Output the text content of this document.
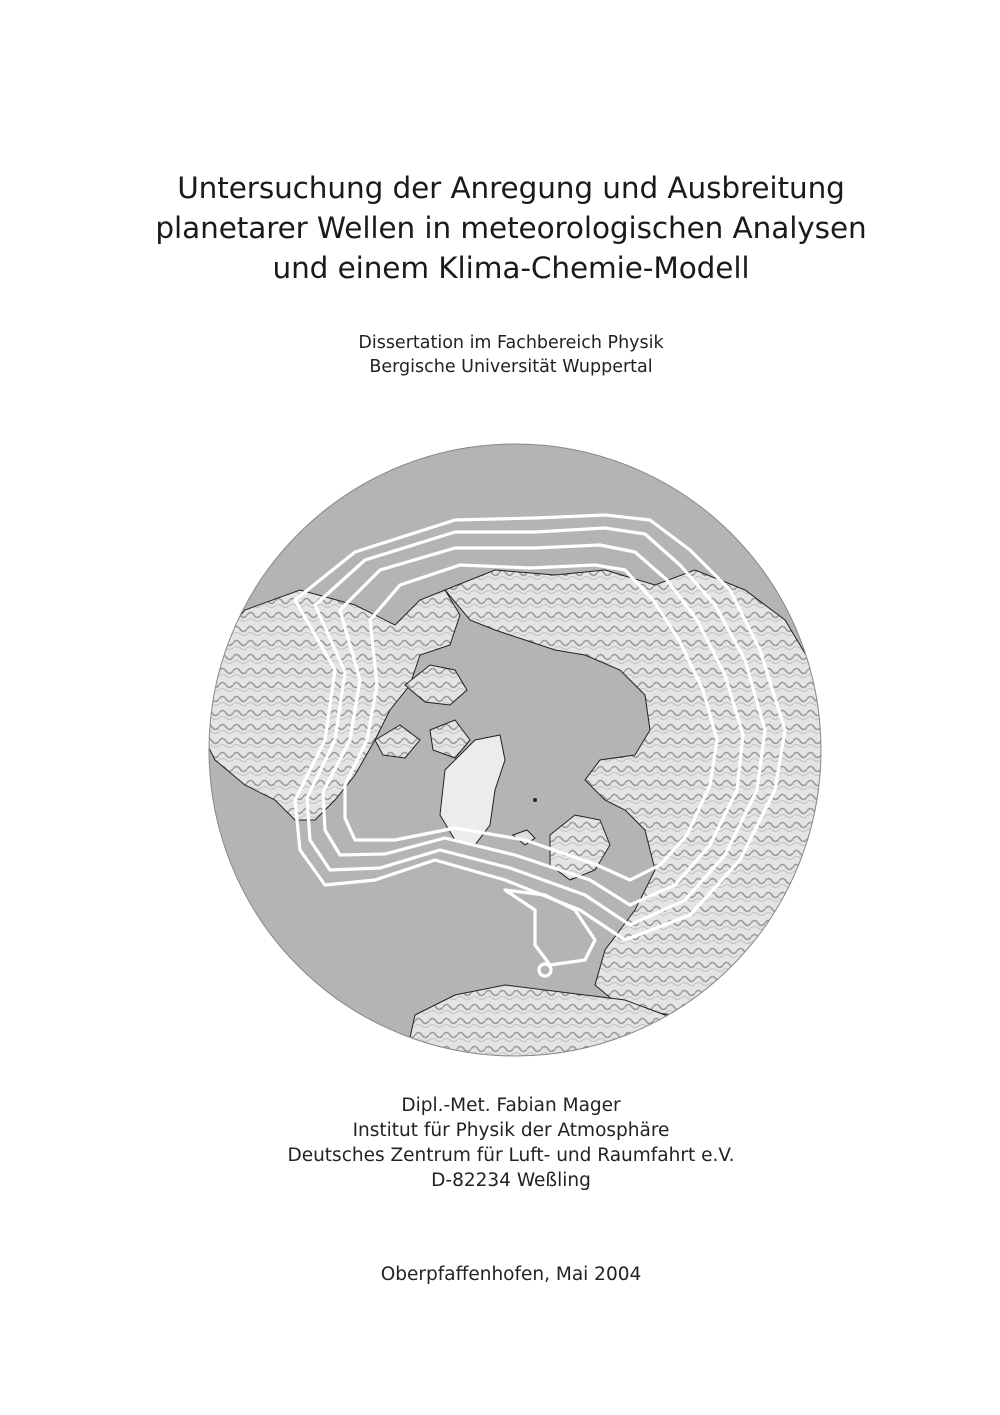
Untersuchung der Anregung und Ausbreitung
planetarer Wellen in meteorologischen Analysen
und einem Klima-Chemie-Modell
Dissertation im Fachbereich Physik
Bergische Universität Wuppertal
Dipl.-Met. Fabian Mager
Institut für Physik der Atmosphäre
Deutsches Zentrum für Luft- und Raumfahrt e.V.
D-82234 Weßling
Oberpfaffenhofen, Mai 2004
